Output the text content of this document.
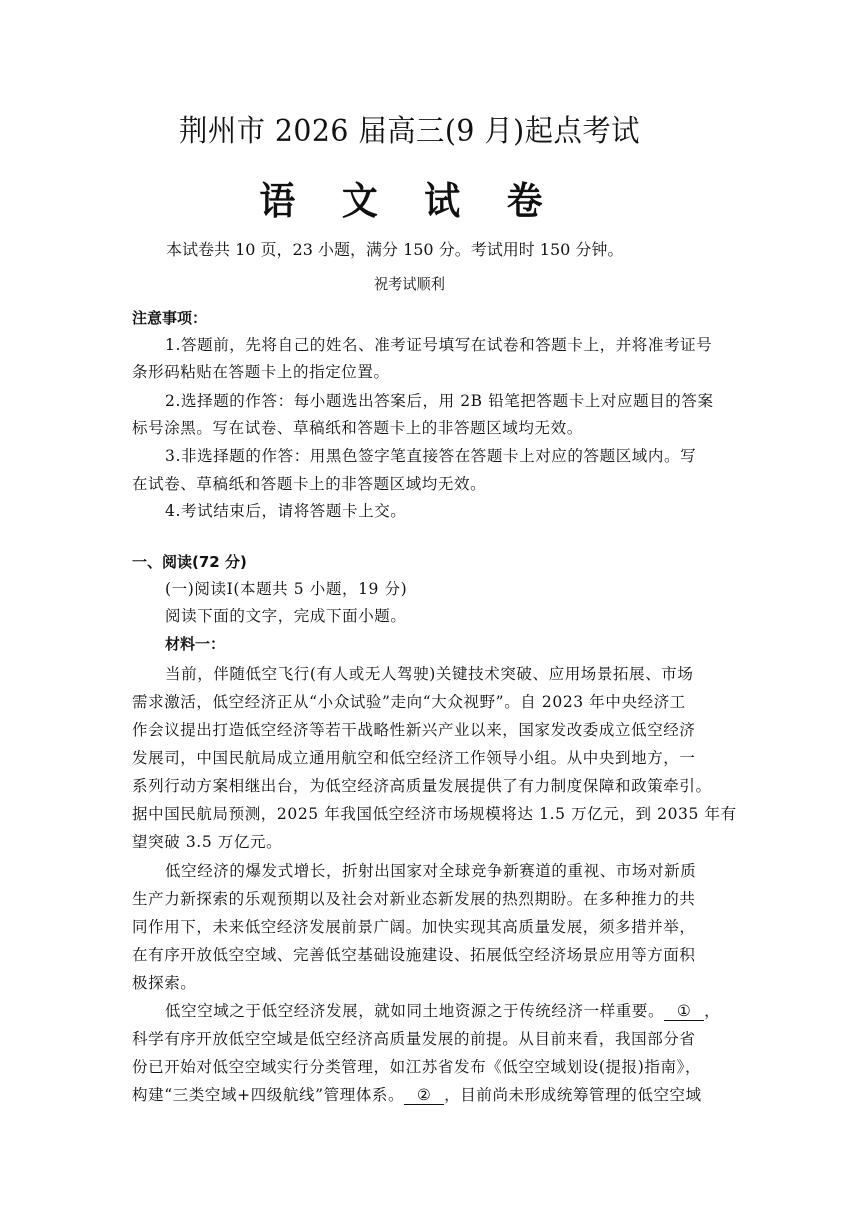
荆州市 2026 届高三(9 月)起点考试
语 文 试 卷
本试卷共 10 页，23 小题，满分 150 分。考试用时 150 分钟。
祝考试顺利
注意事项：
1.答题前，先将自己的姓名、准考证号填写在试卷和答题卡上，并将准考证号
条形码粘贴在答题卡上的指定位置。
2.选择题的作答：每小题选出答案后，用 2B 铅笔把答题卡上对应题目的答案
标号涂黑。写在试卷、草稿纸和答题卡上的非答题区域均无效。
3.非选择题的作答：用黑色签字笔直接答在答题卡上对应的答题区域内。写
在试卷、草稿纸和答题卡上的非答题区域均无效。
4.考试结束后，请将答题卡上交。
一、阅读(72 分)
(一)阅读Ⅰ(本题共 5 小题，19 分)
阅读下面的文字，完成下面小题。
材料一：
当前，伴随低空飞行(有人或无人驾驶)关键技术突破、应用场景拓展、市场
需求激活，低空经济正从“小众试验”走向“大众视野”。自 2023 年中央经济工
作会议提出打造低空经济等若干战略性新兴产业以来，国家发改委成立低空经济
发展司，中国民航局成立通用航空和低空经济工作领导小组。从中央到地方，一
系列行动方案相继出台，为低空经济高质量发展提供了有力制度保障和政策牵引。
据中国民航局预测，2025 年我国低空经济市场规模将达 1.5 万亿元，到 2035 年有
望突破 3.5 万亿元。
低空经济的爆发式增长，折射出国家对全球竞争新赛道的重视、市场对新质
生产力新探索的乐观预期以及社会对新业态新发展的热烈期盼。在多种推力的共
同作用下，未来低空经济发展前景广阔。加快实现其高质量发展，须多措并举，
在有序开放低空空域、完善低空基础设施建设、拓展低空经济场景应用等方面积
极探索。
低空空域之于低空经济发展，就如同土地资源之于传统经济一样重要。 ① ，
科学有序开放低空空域是低空经济高质量发展的前提。从目前来看，我国部分省
份已开始对低空空域实行分类管理，如江苏省发布《低空空域划设(提报)指南》，
构建“三类空域+四级航线”管理体系。 ② ，目前尚未形成统筹管理的低空空域
